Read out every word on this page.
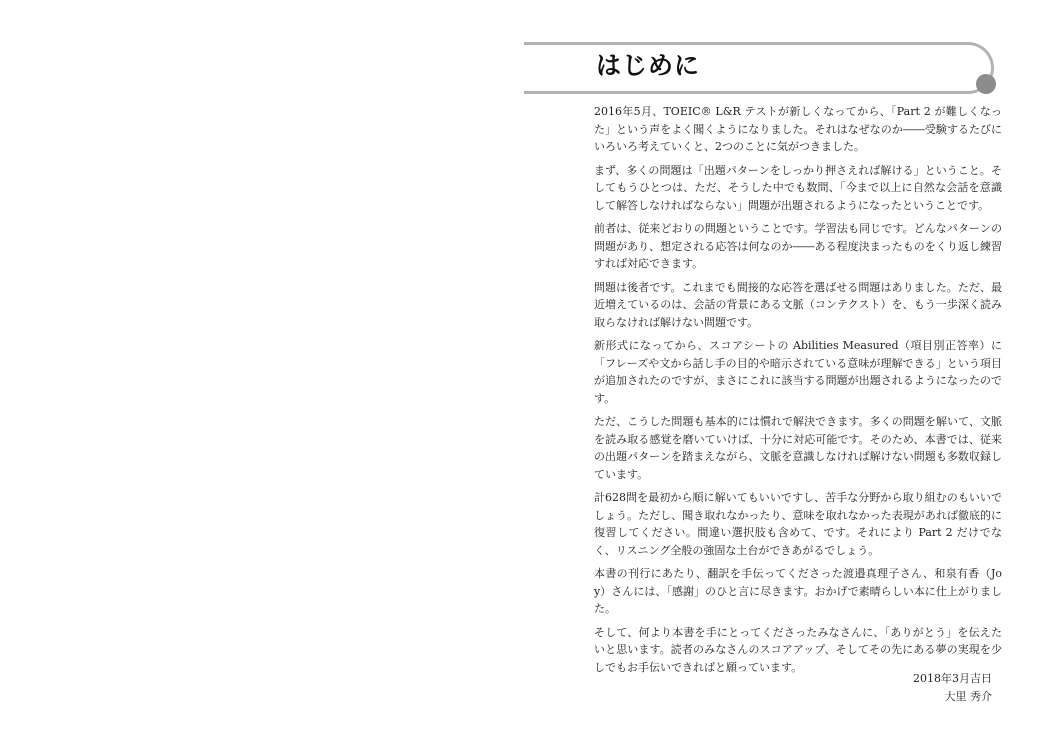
はじめに

2016年5月、TOEIC® L&R テストが新しくなってから、「Part 2 が難しくなった」という声をよく聞くようになりました。それはなぜなのか――受験するたびにいろいろ考えていくと、2つのことに気がつきました。

まず、多くの問題は「出題パターンをしっかり押さえれば解ける」ということ。そしてもうひとつは、ただ、そうした中でも数問、「今まで以上に自然な会話を意識して解答しなければならない」問題が出題されるようになったということです。

前者は、従来どおりの問題ということです。学習法も同じです。どんなパターンの問題があり、想定される応答は何なのか――ある程度決まったものをくり返し練習すれば対応できます。

問題は後者です。これまでも間接的な応答を選ばせる問題はありました。ただ、最近増えているのは、会話の背景にある文脈（コンテクスト）を、もう一歩深く読み取らなければ解けない問題です。

新形式になってから、スコアシートの Abilities Measured（項目別正答率）に「フレーズや文から話し手の目的や暗示されている意味が理解できる」という項目が追加されたのですが、まさにこれに該当する問題が出題されるようになったのです。

ただ、こうした問題も基本的には慣れで解決できます。多くの問題を解いて、文脈を読み取る感覚を磨いていけば、十分に対応可能です。そのため、本書では、従来の出題パターンを踏まえながら、文脈を意識しなければ解けない問題も多数収録しています。

計628問を最初から順に解いてもいいですし、苦手な分野から取り組むのもいいでしょう。ただし、聞き取れなかったり、意味を取れなかった表現があれば徹底的に復習してください。間違い選択肢も含めて、です。それにより Part 2 だけでなく、リスニング全般の強固な土台ができあがるでしょう。

本書の刊行にあたり、翻訳を手伝ってくださった渡邉真理子さん、和泉有香（Joy）さんには、「感謝」のひと言に尽きます。おかげで素晴らしい本に仕上がりました。

そして、何より本書を手にとってくださったみなさんに、「ありがとう」を伝えたいと思います。読者のみなさんのスコアアップ、そしてその先にある夢の実現を少しでもお手伝いできればと願っています。

2018年3月吉日
大里 秀介
